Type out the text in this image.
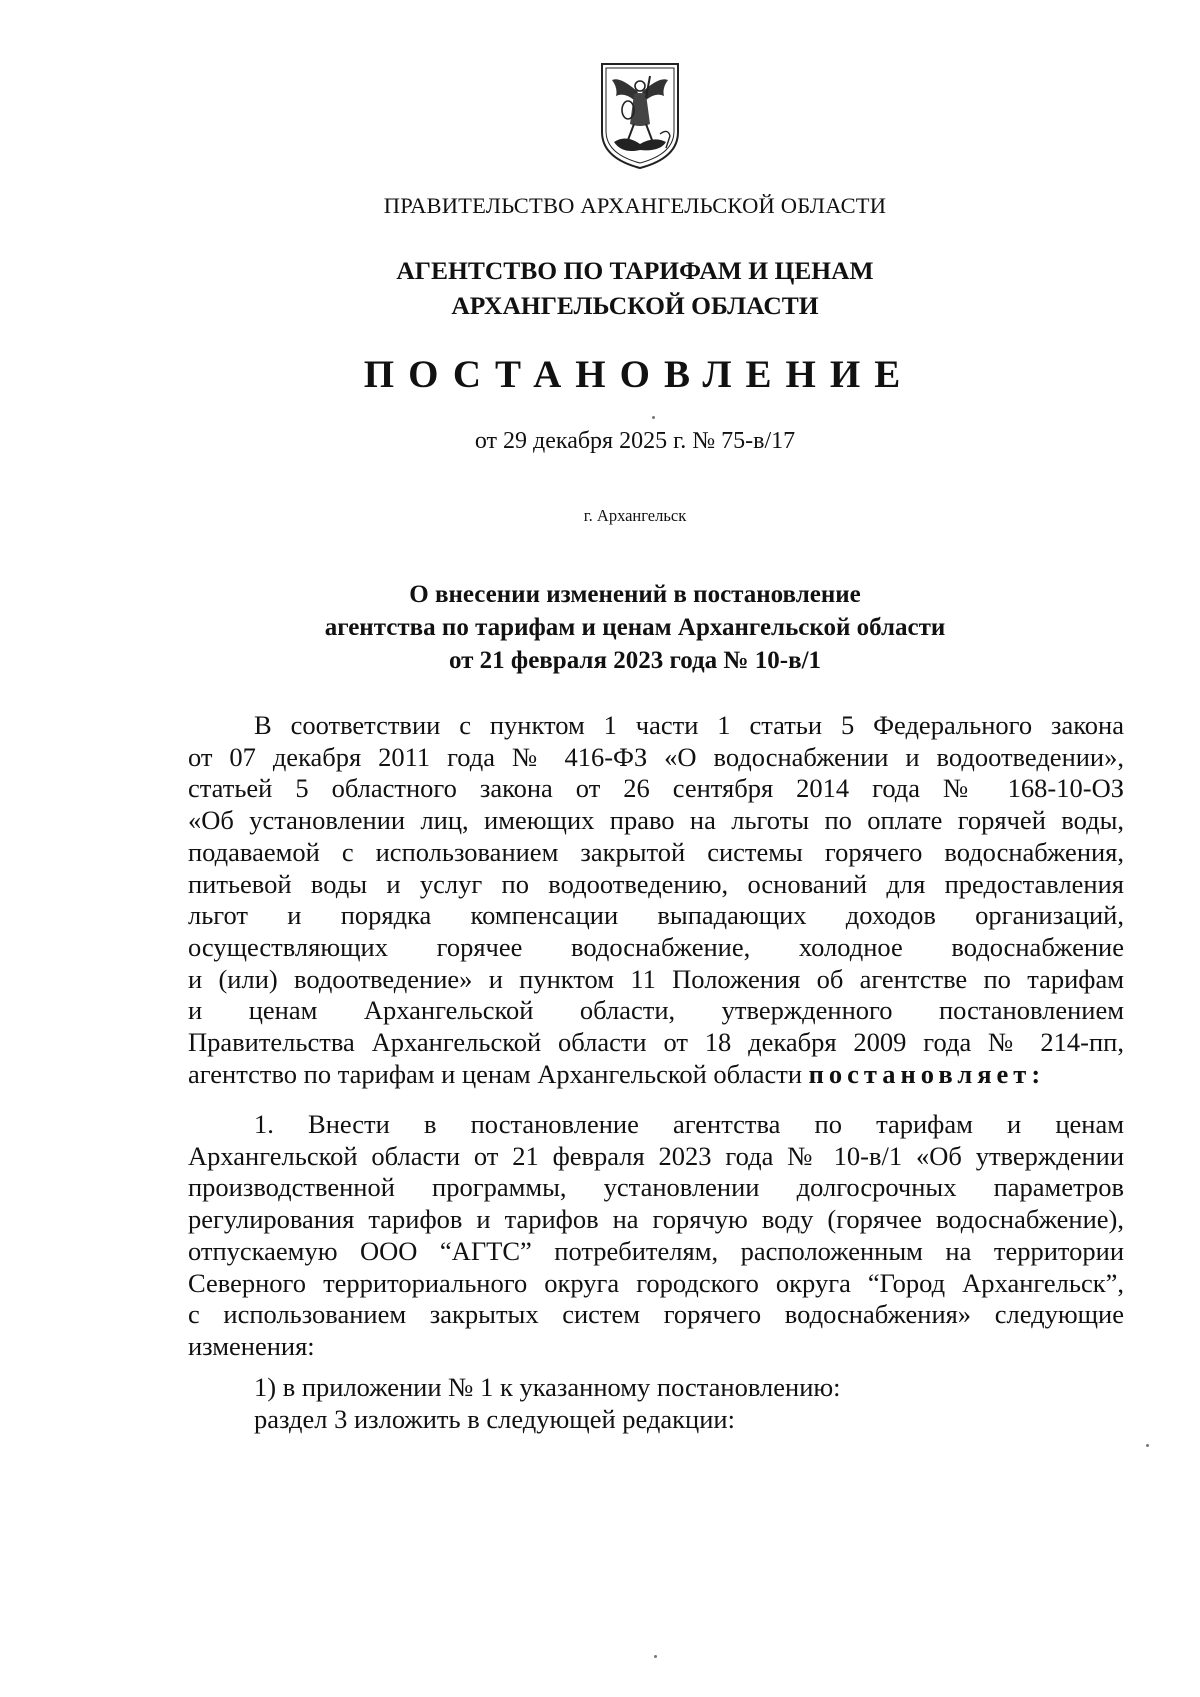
ПРАВИТЕЛЬСТВО АРХАНГЕЛЬСКОЙ ОБЛАСТИ
АГЕНТСТВО ПО ТАРИФАМ И ЦЕНАМ
АРХАНГЕЛЬСКОЙ ОБЛАСТИ
ПОСТАНОВЛЕНИЕ
от 29 декабря 2025 г. № 75-в/17
г. Архангельск
О внесении изменений в постановление
агентства по тарифам и ценам Архангельской области
от 21 февраля 2023 года № 10-в/1
В соответствии с пунктом 1 части 1 статьи 5 Федерального закона
от 07 декабря 2011 года № 416-ФЗ «О водоснабжении и водоотведении»,
статьей 5 областного закона от 26 сентября 2014 года № 168-10-ОЗ
«Об установлении лиц, имеющих право на льготы по оплате горячей воды,
подаваемой с использованием закрытой системы горячего водоснабжения,
питьевой воды и услуг по водоотведению, оснований для предоставления
льгот и порядка компенсации выпадающих доходов организаций,
осуществляющих горячее водоснабжение, холодное водоснабжение
и (или) водоотведение» и пунктом 11 Положения об агентстве по тарифам
и ценам Архангельской области, утвержденного постановлением
Правительства Архангельской области от 18 декабря 2009 года № 214-пп,
агентство по тарифам и ценам Архангельской области постановляет:
1. Внести в постановление агентства по тарифам и ценам
Архангельской области от 21 февраля 2023 года № 10-в/1 «Об утверждении
производственной программы, установлении долгосрочных параметров
регулирования тарифов и тарифов на горячую воду (горячее водоснабжение),
отпускаемую ООО “АГТС” потребителям, расположенным на территории
Северного территориального округа городского округа “Город Архангельск”,
с использованием закрытых систем горячего водоснабжения» следующие
изменения:
1) в приложении № 1 к указанному постановлению:
раздел 3 изложить в следующей редакции:
